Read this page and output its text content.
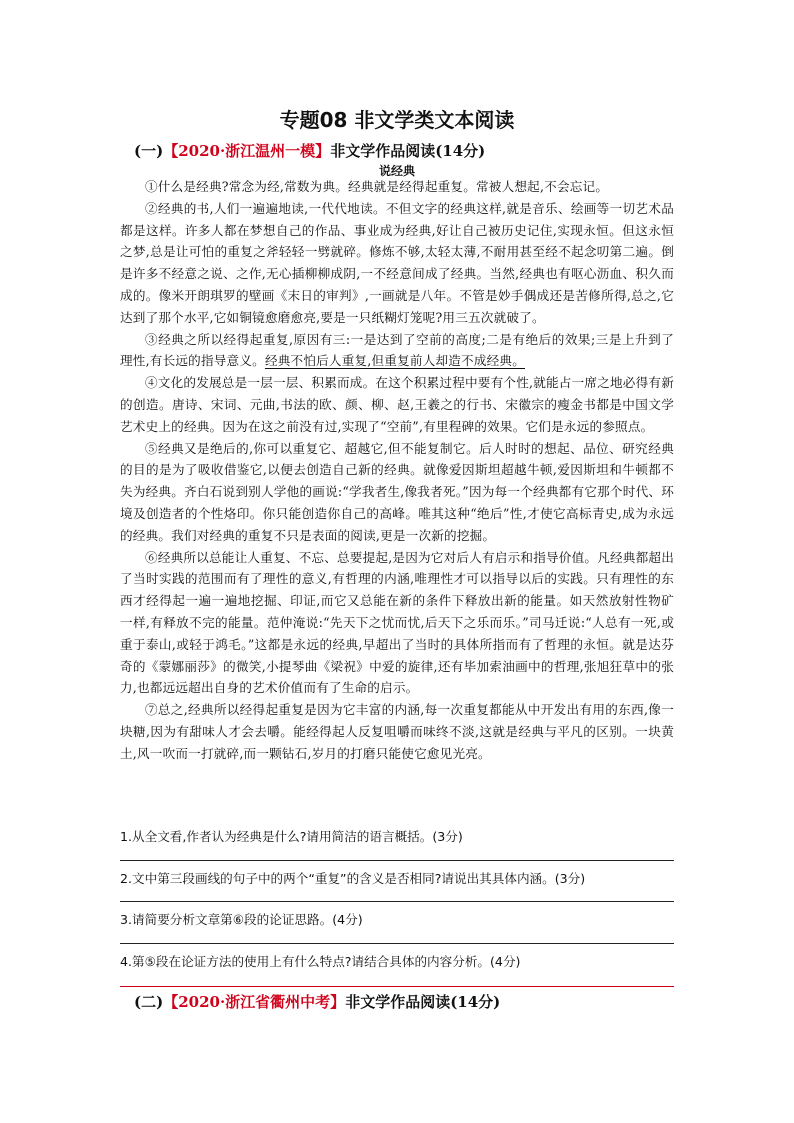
专题08 非文学类文本阅读
(一)【2020·浙江温州一模】非文学作品阅读(14分)
说经典

①什么是经典?常念为经,常数为典。经典就是经得起重复。常被人想起,不会忘记。

②经典的书,人们一遍遍地读,一代代地读。不但文字的经典这样,就是音乐、绘画等一切艺术品都是这样。许多人都在梦想自己的作品、事业成为经典,好让自己被历史记住,实现永恒。但这永恒之梦,总是让可怕的重复之斧轻轻一劈就碎。修炼不够,太轻太薄,不耐用甚至经不起念叨第二遍。倒是许多不经意之说、之作,无心插柳柳成阴,一不经意间成了经典。当然,经典也有呕心沥血、积久而成的。像米开朗琪罗的壁画《末日的审判》,一画就是八年。不管是妙手偶成还是苦修所得,总之,它达到了那个水平,它如铜镜愈磨愈亮,要是一只纸糊灯笼呢?用三五次就破了。

③经典之所以经得起重复,原因有三:一是达到了空前的高度;二是有绝后的效果;三是上升到了理性,有长远的指导意义。经典不怕后人重复,但重复前人却造不成经典。

④文化的发展总是一层一层、积累而成。在这个积累过程中要有个性,就能占一席之地必得有新的创造。唐诗、宋词、元曲,书法的欧、颜、柳、赵,王羲之的行书、宋徽宗的瘦金书都是中国文学艺术史上的经典。因为在这之前没有过,实现了“空前”,有里程碑的效果。它们是永远的参照点。

⑤经典又是绝后的,你可以重复它、超越它,但不能复制它。后人时时的想起、品位、研究经典的目的是为了吸收借鉴它,以便去创造自己新的经典。就像爱因斯坦超越牛顿,爱因斯坦和牛顿都不失为经典。齐白石说到别人学他的画说:“学我者生,像我者死。”因为每一个经典都有它那个时代、环境及创造者的个性烙印。你只能创造你自己的高峰。唯其这种“绝后”性,才使它高标青史,成为永远的经典。我们对经典的重复不只是表面的阅读,更是一次新的挖掘。

⑥经典所以总能让人重复、不忘、总要提起,是因为它对后人有启示和指导价值。凡经典都超出了当时实践的范围而有了理性的意义,有哲理的内涵,唯理性才可以指导以后的实践。只有理性的东西才经得起一遍一遍地挖掘、印证,而它又总能在新的条件下释放出新的能量。如天然放射性物矿一样,有释放不完的能量。范仲淹说:“先天下之忧而忧,后天下之乐而乐。”司马迁说:“人总有一死,或重于泰山,或轻于鸿毛。”这都是永远的经典,早超出了当时的具体所指而有了哲理的永恒。就是达芬奇的《蒙娜丽莎》的微笑,小提琴曲《梁祝》中爱的旋律,还有毕加索油画中的哲理,张旭狂草中的张力,也都远远超出自身的艺术价值而有了生命的启示。

⑦总之,经典所以经得起重复是因为它丰富的内涵,每一次重复都能从中开发出有用的东西,像一块糖,因为有甜味人才会去嚼。能经得起人反复咀嚼而味终不淡,这就是经典与平凡的区别。一块黄土,风一吹而一打就碎,而一颗钻石,岁月的打磨只能使它愈见光亮。

1.从全文看,作者认为经典是什么?请用简洁的语言概括。(3分)
2.文中第三段画线的句子中的两个“重复”的含义是否相同?请说出其具体内涵。(3分)
3.请简要分析文章第⑥段的论证思路。(4分)
4.第⑤段在论证方法的使用上有什么特点?请结合具体的内容分析。(4分)
(二)【2020·浙江省衢州中考】非文学作品阅读(14分)
